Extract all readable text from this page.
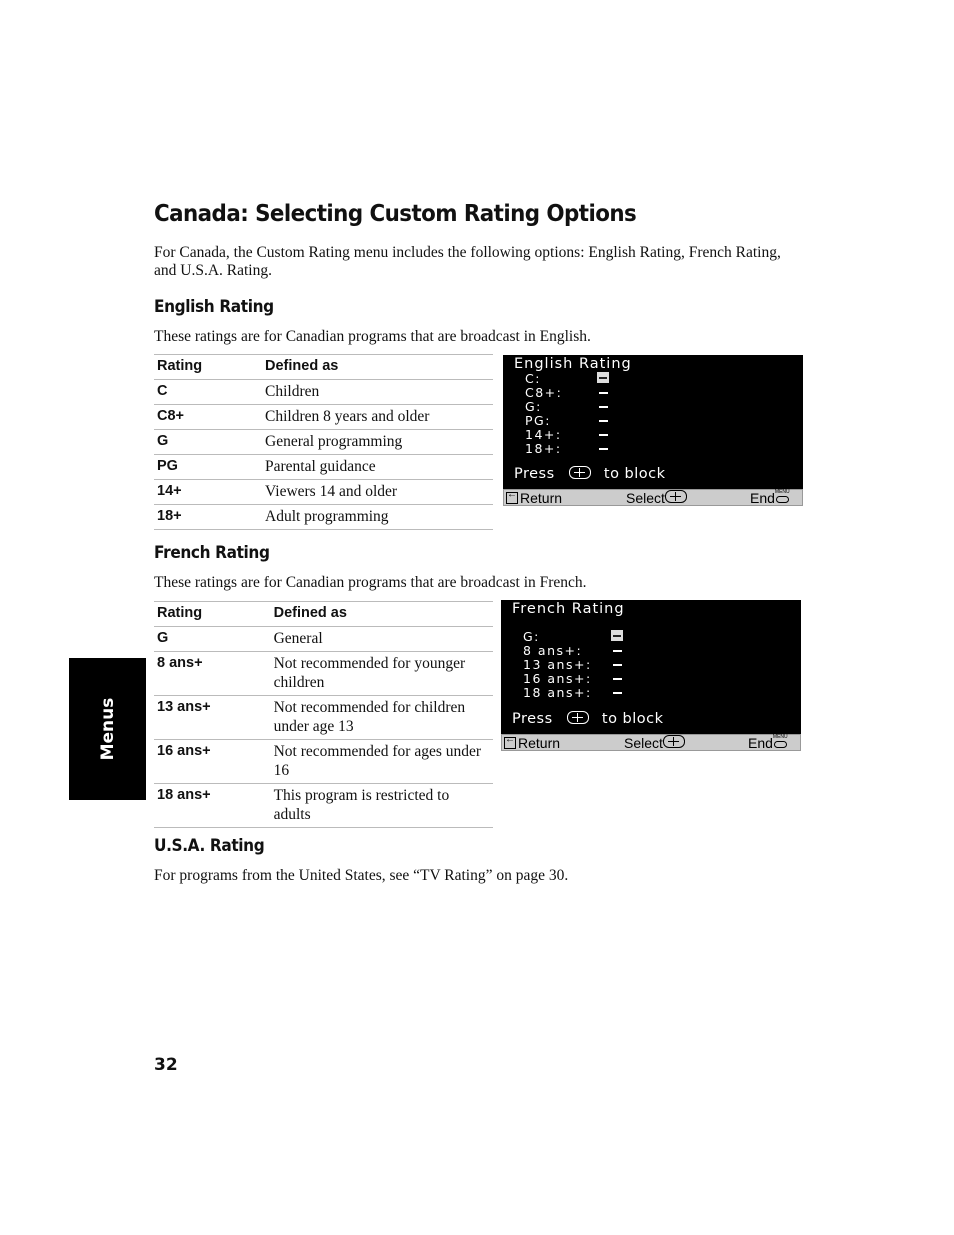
Canada: Selecting Custom Rating Options
For Canada, the Custom Rating menu includes the following options: English Rating, French Rating, and U.S.A. Rating.
English Rating
These ratings are for Canadian programs that are broadcast in English.
Rating	Defined as
C	Children
C8+	Children 8 years and older
G	General programming
PG	Parental guidance
14+	Viewers 14 and older
18+	Adult programming
English Rating
C:
C8+:
G:
PG:
14+:
18+:
Press	to block
←Return	Select	End MENU
French Rating
These ratings are for Canadian programs that are broadcast in French.
Rating	Defined as
G	General
8 ans+	Not recommended for younger children
13 ans+	Not recommended for children under age 13
16 ans+	Not recommended for ages under 16
18 ans+	This program is restricted to adults
French Rating
G:
8 ans+:
13 ans+:
16 ans+:
18 ans+:
Press	to block
←Return	Select	End MENU
U.S.A. Rating
For programs from the United States, see “TV Rating” on page 30.
Menus
32
